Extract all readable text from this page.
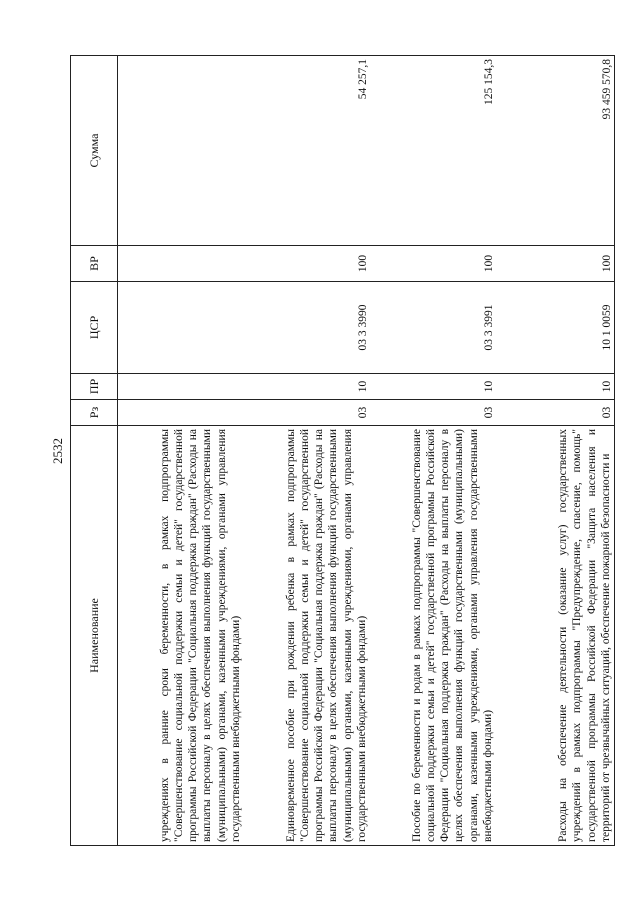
2532
Наименование	Рз	ПР	ЦСР	ВР	Сумма
учреждениях в ранние сроки беременности, в рамках подпрограммы "Совершенствование социальной поддержки семьи и детей" государственной программы Российской Федерации "Социальная поддержка граждан" (Расходы на выплаты персоналу в целях обеспечения выполнения функций государственными (муниципальными) органами, казенными учреждениями, органами управления государственными внебюджетными фондами)					
Единовременное пособие при рождении ребенка в рамках подпрограммы "Совершенствование социальной поддержки семьи и детей" государственной программы Российской Федерации "Социальная поддержка граждан" (Расходы на выплаты персоналу в целях обеспечения выполнения функций государственными (муниципальными) органами, казенными учреждениями, органами управления государственными внебюджетными фондами)	03	10	03 3 3990	100	54 257,1
Пособие по беременности и родам в рамках подпрограммы "Совершенствование социальной поддержки семьи и детей" государственной программы Российской Федерации "Социальная поддержка граждан" (Расходы на выплаты персоналу в целях обеспечения выполнения функций государственными (муниципальными) органами, казенными учреждениями, органами управления государственными внебюджетными фондами)	03	10	03 3 3991	100	125 154,3
Расходы на обеспечение деятельности (оказание услуг) государственных учреждений в рамках подпрограммы "Предупреждение, спасение, помощь" государственной программы Российской Федерации "Защита населения и территорий от чрезвычайных ситуаций, обеспечение пожарной безопасности и	03	10	10 1 0059	100	93 459 570,8
